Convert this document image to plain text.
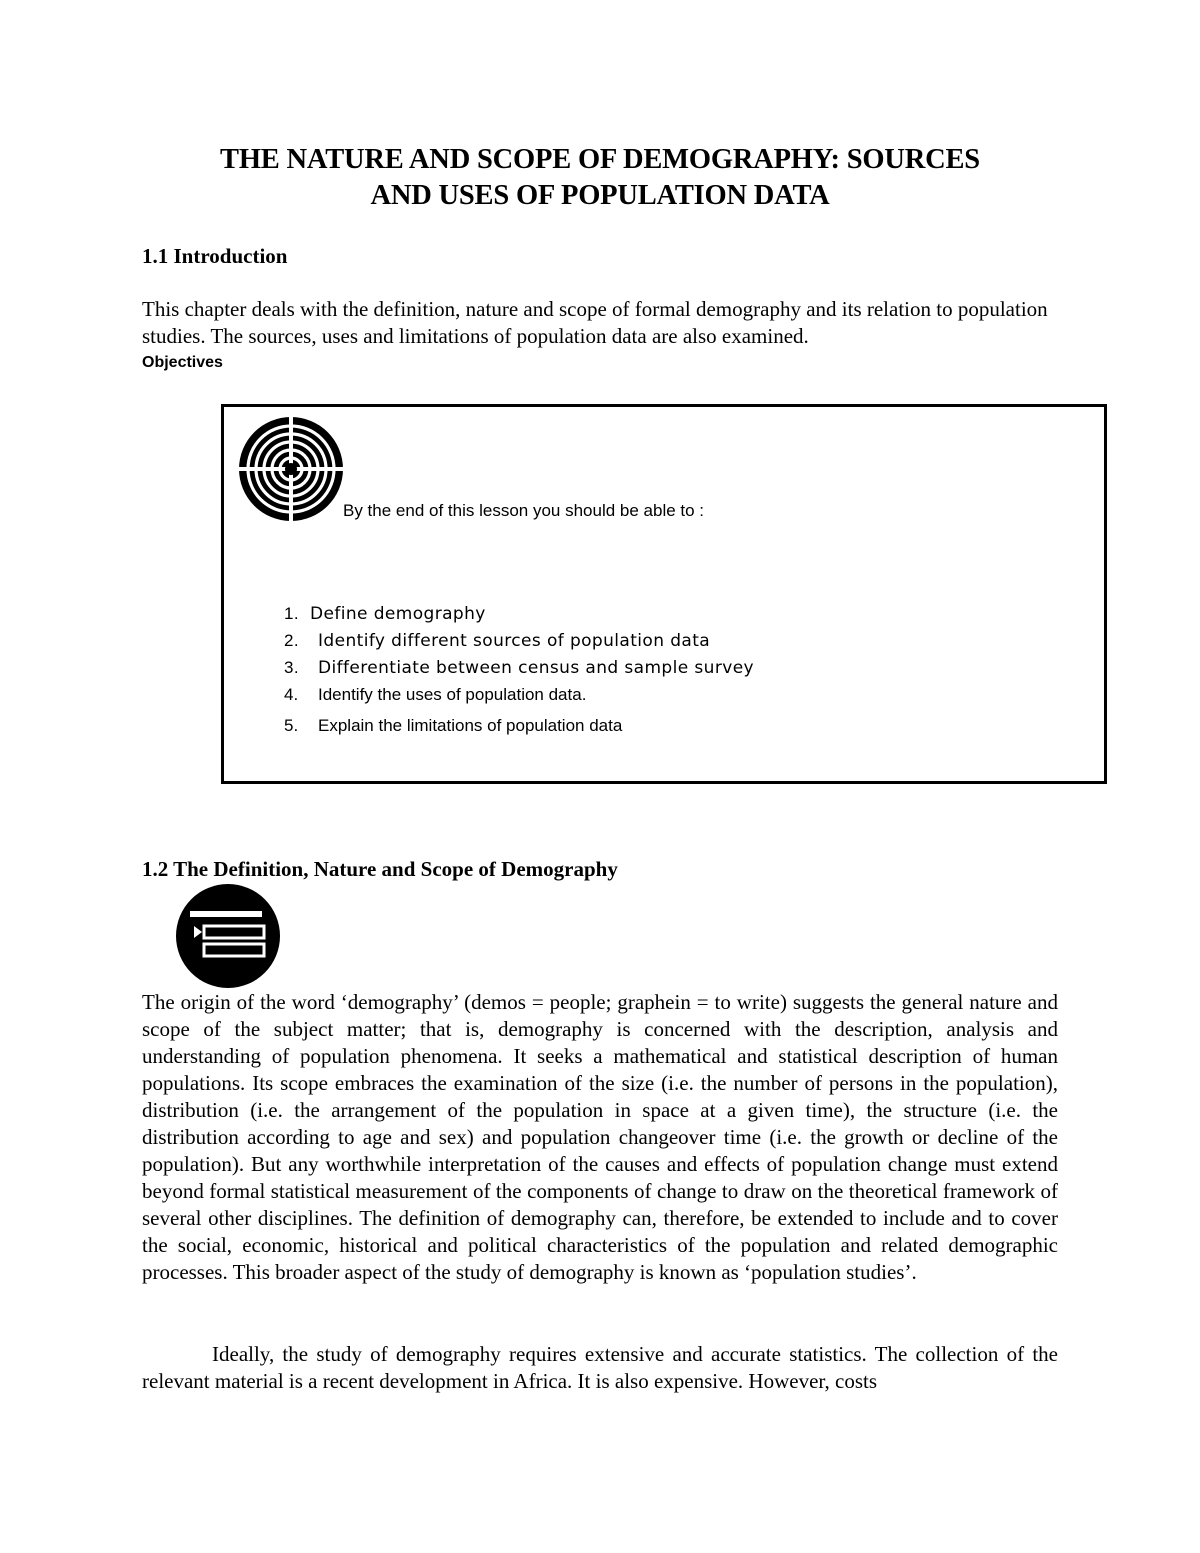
THE NATURE AND SCOPE OF DEMOGRAPHY: SOURCES
AND USES OF POPULATION DATA
1.1 Introduction

This chapter deals with the definition, nature and scope of formal demography and its relation to population studies. The sources, uses and limitations of population data are also examined.

Objectives
By the end of this lesson you should be able to :
1. Define demography
2. Identify different sources of population data
3. Differentiate between census and sample survey
4. Identify the uses of population data.
5. Explain the limitations of population data
1.2 The Definition, Nature and Scope of Demography

The origin of the word ‘demography’ (demos = people; graphein = to write) suggests the general nature and scope of the subject matter; that is, demography is concerned with the description, analysis and understanding of population phenomena. It seeks a mathematical and statistical description of human populations. Its scope embraces the examination of the size (i.e. the number of persons in the population), distribution (i.e. the arrangement of the population in space at a given time), the structure (i.e. the distribution according to age and sex) and population changeover time (i.e. the growth or decline of the population). But any worthwhile interpretation of the causes and effects of population change must extend beyond formal statistical measurement of the components of change to draw on the theoretical framework of several other disciplines. The definition of demography can, therefore, be extended to include and to cover the social, economic, historical and political characteristics of the population and related demographic processes. This broader aspect of the study of demography is known as ‘population studies’.

Ideally, the study of demography requires extensive and accurate statistics. The collection of the relevant material is a recent development in Africa. It is also expensive. However, costs
